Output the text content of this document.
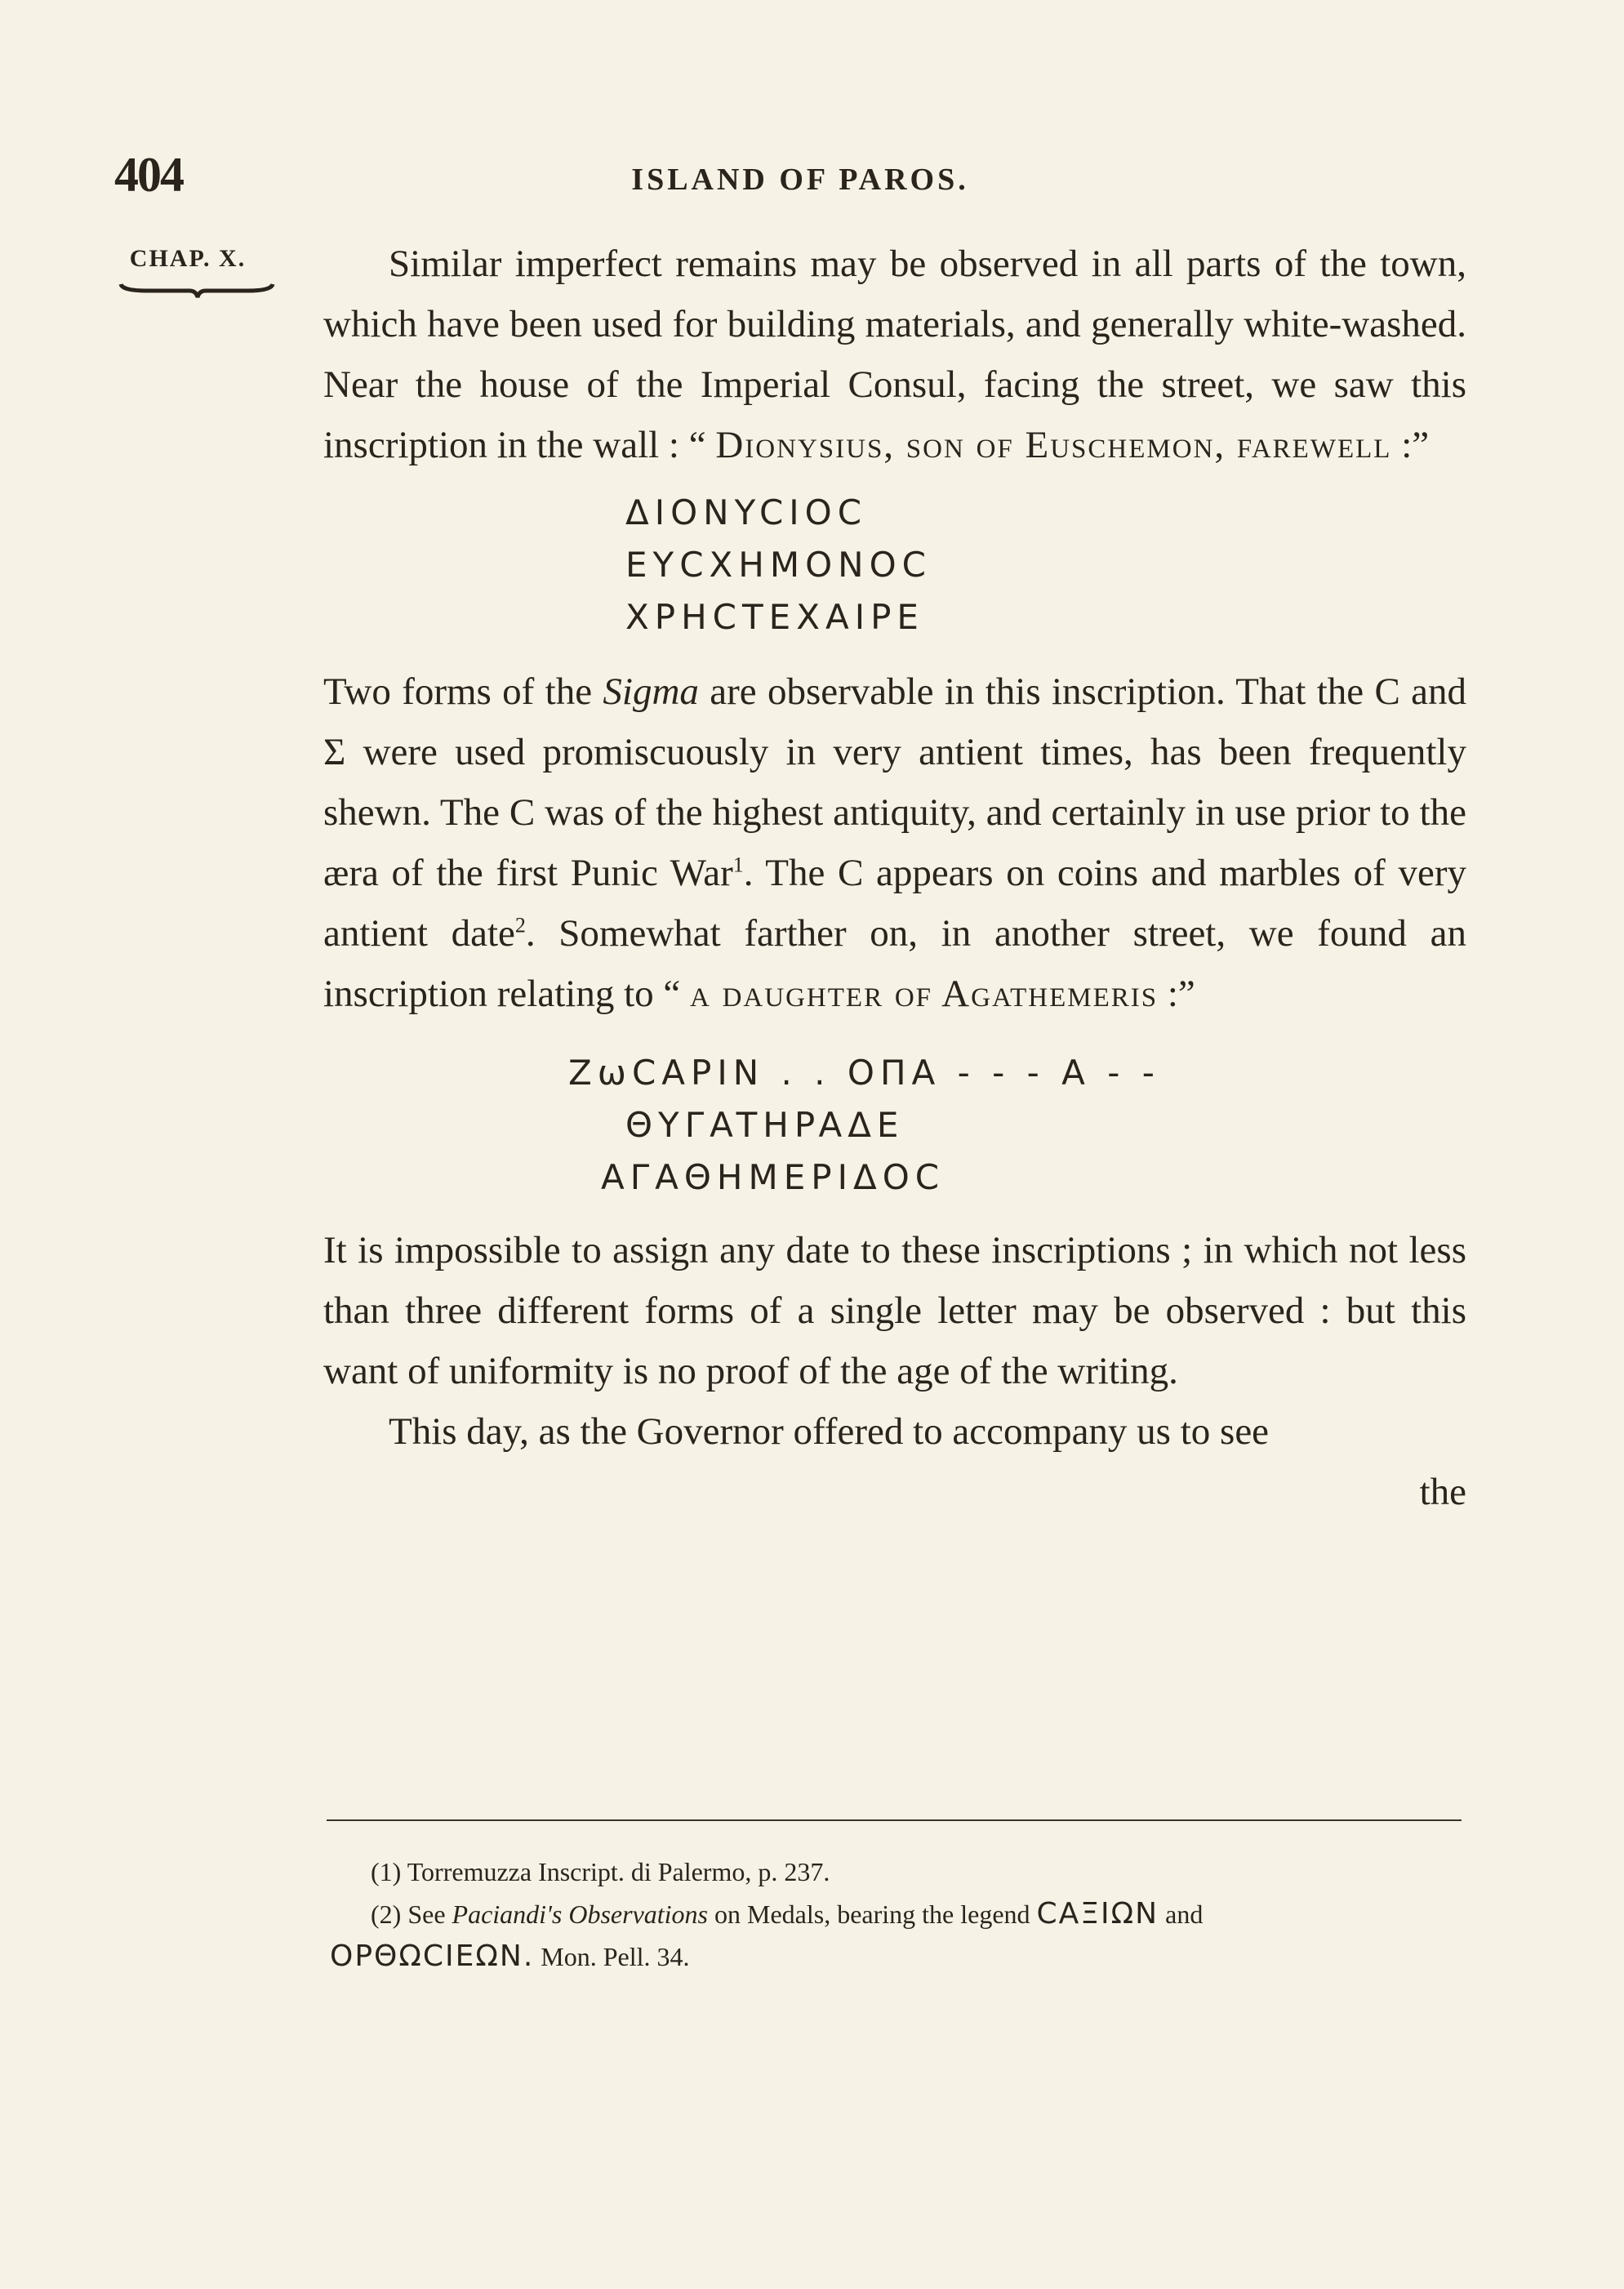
404	ISLAND OF PAROS.
CHAP. X.	Similar imperfect remains may be observed in all parts of the town, which have been used for building materials, and generally white-washed. Near the house of the Imperial Consul, facing the street, we saw this inscription in the wall : “ Dionysius, son of Euschemon, farewell :”

ΔΙΟNYCΙΟϹ
EYϹXHMONΟϹ
XPHϹTEXAΙPE

Two forms of the Sigma are observable in this inscription. That the C and Σ were used promiscuously in very antient times, has been frequently shewn. The C was of the highest antiquity, and certainly in use prior to the æra of the first Punic War$^1$. The Ϲ appears on coins and marbles of very antient date$^2$. Somewhat farther on, in another street, we found an inscription relating to “ a daughter of Agathemeris :”

ZωCAPIN . . OΠA - - - A - -
ΘYΓATHPAΔΕ
AΓAΘHMEPIΔOC

It is impossible to assign any date to these inscriptions ; in which not less than three different forms of a single letter may be observed : but this want of uniformity is no proof of the age of the writing.

This day, as the Governor offered to accompany us to see

the

(1) Torremuzza Inscript. di Palermo, p. 237.

(2) See Paciandi's Observations on Medals, bearing the legend ϹAΞIΩN and
OPΘΩϹIEΩN. Mon. Pell. 34.
